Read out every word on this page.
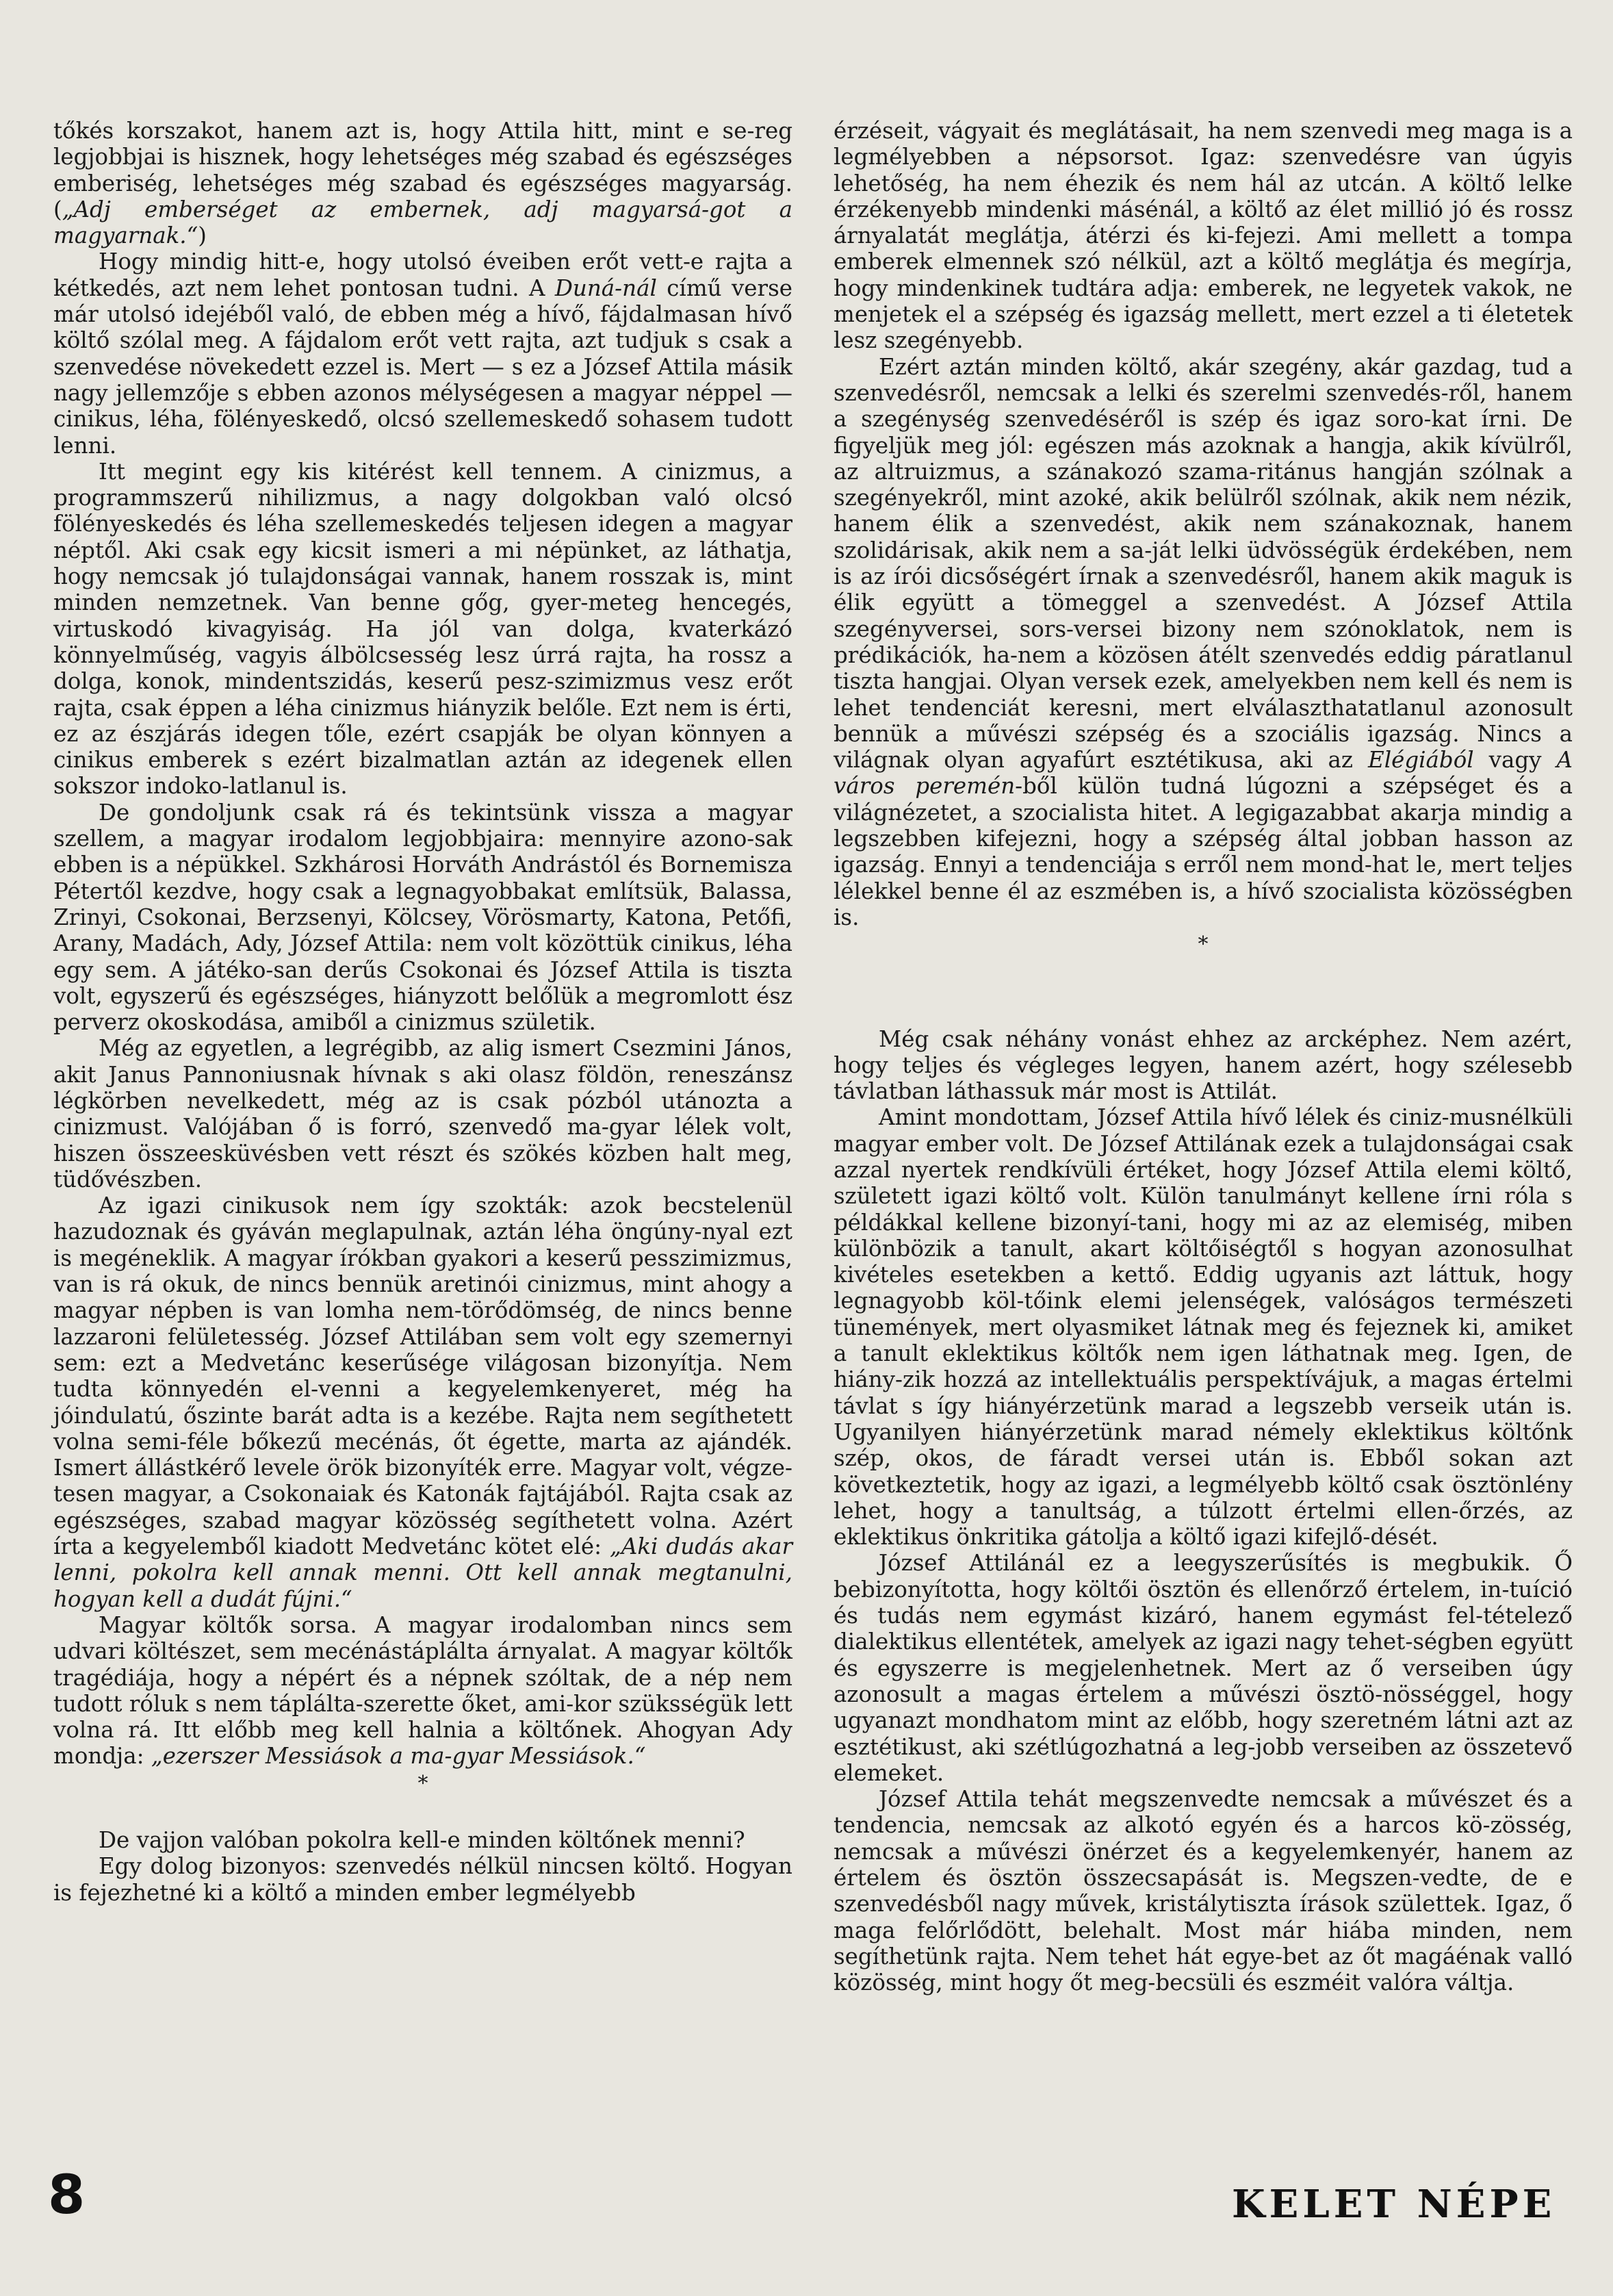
tőkés korszakot, hanem azt is, hogy Attila hitt, mint e se-reg legjobbjai is hisznek, hogy lehetséges még szabad és egészséges emberiség, lehetséges még szabad és egészséges magyarság. („Adj emberséget az embernek, adj magyarsá-got a magyarnak.“)

Hogy mindig hitt-e, hogy utolsó éveiben erőt vett-e rajta a kétkedés, azt nem lehet pontosan tudni. A Duná-nál című verse már utolsó idejéből való, de ebben még a hívő, fájdalmasan hívő költő szólal meg. A fájdalom erőt vett rajta, azt tudjuk s csak a szenvedése növekedett ezzel is. Mert — s ez a József Attila másik nagy jellemzője s ebben azonos mélységesen a magyar néppel — cinikus, léha, fölényeskedő, olcsó szellemeskedő sohasem tudott lenni.

Itt megint egy kis kitérést kell tennem. A cinizmus, a programmszerű nihilizmus, a nagy dolgokban való olcsó fölényeskedés és léha szellemeskedés teljesen idegen a magyar néptől. Aki csak egy kicsit ismeri a mi népünket, az láthatja, hogy nemcsak jó tulajdonságai vannak, hanem rosszak is, mint minden nemzetnek. Van benne gőg, gyer-meteg hencegés, virtuskodó kivagyiság. Ha jól van dolga, kvaterkázó könnyelműség, vagyis álbölcsesség lesz úrrá rajta, ha rossz a dolga, konok, mindentszidás, keserű pesz-szimizmus vesz erőt rajta, csak éppen a léha cinizmus hiányzik belőle. Ezt nem is érti, ez az észjárás idegen tőle, ezért csapják be olyan könnyen a cinikus emberek s ezért bizalmatlan aztán az idegenek ellen sokszor indoko-latlanul is.

De gondoljunk csak rá és tekintsünk vissza a magyar szellem, a magyar irodalom legjobbjaira: mennyire azono-sak ebben is a népükkel. Szkhárosi Horváth Andrástól és Bornemisza Pétertől kezdve, hogy csak a legnagyobbakat említsük, Balassa, Zrinyi, Csokonai, Berzsenyi, Kölcsey, Vörösmarty, Katona, Petőfi, Arany, Madách, Ady, József Attila: nem volt közöttük cinikus, léha egy sem. A játéko-san derűs Csokonai és József Attila is tiszta volt, egyszerű és egészséges, hiányzott belőlük a megromlott ész perverz okoskodása, amiből a cinizmus születik.

Még az egyetlen, a legrégibb, az alig ismert Csezmini János, akit Janus Pannoniusnak hívnak s aki olasz földön, reneszánsz légkörben nevelkedett, még az is csak pózból utánozta a cinizmust. Valójában ő is forró, szenvedő ma-gyar lélek volt, hiszen összeesküvésben vett részt és szökés közben halt meg, tüdővészben.

Az igazi cinikusok nem így szokták: azok becstelenül hazudoznak és gyáván meglapulnak, aztán léha öngúny-nyal ezt is megéneklik. A magyar írókban gyakori a keserű pesszimizmus, van is rá okuk, de nincs bennük aretinói cinizmus, mint ahogy a magyar népben is van lomha nem-törődömség, de nincs benne lazzaroni felületesség. József Attilában sem volt egy szemernyi sem: ezt a Medvetánc keserűsége világosan bizonyítja. Nem tudta könnyedén el-venni a kegyelemkenyeret, még ha jóindulatú, őszinte barát adta is a kezébe. Rajta nem segíthetett volna semi-féle bőkezű mecénás, őt égette, marta az ajándék. Ismert állástkérő levele örök bizonyíték erre. Magyar volt, végze-tesen magyar, a Csokonaiak és Katonák fajtájából. Rajta csak az egészséges, szabad magyar közösség segíthetett volna. Azért írta a kegyelemből kiadott Medvetánc kötet elé: „Aki dudás akar lenni, pokolra kell annak menni. Ott kell annak megtanulni, hogyan kell a dudát fújni.“

Magyar költők sorsa. A magyar irodalomban nincs sem udvari költészet, sem mecénástáplálta árnyalat. A magyar költők tragédiája, hogy a népért és a népnek szóltak, de a nép nem tudott róluk s nem táplálta-szerette őket, ami-kor szüksségük lett volna rá. Itt előbb meg kell halnia a költőnek. Ahogyan Ady mondja: „ezerszer Messiások a ma-gyar Messiások.“

*

De vajjon valóban pokolra kell-e minden költőnek menni?

Egy dolog bizonyos: szenvedés nélkül nincsen költő. Hogyan is fejezhetné ki a költő a minden ember legmélyebb

érzéseit, vágyait és meglátásait, ha nem szenvedi meg maga is a legmélyebben a népsorsot. Igaz: szenvedésre van úgyis lehetőség, ha nem éhezik és nem hál az utcán. A költő lelke érzékenyebb mindenki másénál, a költő az élet millió jó és rossz árnyalatát meglátja, átérzi és ki-fejezi. Ami mellett a tompa emberek elmennek szó nélkül, azt a költő meglátja és megírja, hogy mindenkinek tudtára adja: emberek, ne legyetek vakok, ne menjetek el a szépség és igazság mellett, mert ezzel a ti életetek lesz szegényebb.

Ezért aztán minden költő, akár szegény, akár gazdag, tud a szenvedésről, nemcsak a lelki és szerelmi szenvedés-ről, hanem a szegénység szenvedéséről is szép és igaz soro-kat írni. De figyeljük meg jól: egészen más azoknak a hangja, akik kívülről, az altruizmus, a szánakozó szama-ritánus hangján szólnak a szegényekről, mint azoké, akik belülről szólnak, akik nem nézik, hanem élik a szenvedést, akik nem szánakoznak, hanem szolidárisak, akik nem a sa-ját lelki üdvösségük érdekében, nem is az írói dicsőségért írnak a szenvedésről, hanem akik maguk is élik együtt a tömeggel a szenvedést. A József Attila szegényversei, sors-versei bizony nem szónoklatok, nem is prédikációk, ha-nem a közösen átélt szenvedés eddig páratlanul tiszta hangjai. Olyan versek ezek, amelyekben nem kell és nem is lehet tendenciát keresni, mert elválaszthatatlanul azonosult bennük a művészi szépség és a szociális igazság. Nincs a világnak olyan agyafúrt esztétikusa, aki az Elégiából vagy A város peremén-ből külön tudná lúgozni a szépséget és a világnézetet, a szocialista hitet. A legigazabbat akarja mindig a legszebben kifejezni, hogy a szépség által jobban hasson az igazság. Ennyi a tendenciája s erről nem mond-hat le, mert teljes lélekkel benne él az eszmében is, a hívő szocialista közösségben is.

*

Még csak néhány vonást ehhez az arcképhez. Nem azért, hogy teljes és végleges legyen, hanem azért, hogy szélesebb távlatban láthassuk már most is Attilát.

Amint mondottam, József Attila hívő lélek és ciniz-musnélküli magyar ember volt. De József Attilának ezek a tulajdonságai csak azzal nyertek rendkívüli értéket, hogy József Attila elemi költő, született igazi költő volt. Külön tanulmányt kellene írni róla s példákkal kellene bizonyí-tani, hogy mi az az elemiség, miben különbözik a tanult, akart költőiségtől s hogyan azonosulhat kivételes esetekben a kettő. Eddig ugyanis azt láttuk, hogy legnagyobb köl-tőink elemi jelenségek, valóságos természeti tünemények, mert olyasmiket látnak meg és fejeznek ki, amiket a tanult eklektikus költők nem igen láthatnak meg. Igen, de hiány-zik hozzá az intellektuális perspektívájuk, a magas értelmi távlat s így hiányérzetünk marad a legszebb verseik után is. Ugyanilyen hiányérzetünk marad némely eklektikus költőnk szép, okos, de fáradt versei után is. Ebből sokan azt következtetik, hogy az igazi, a legmélyebb költő csak ösztönlény lehet, hogy a tanultság, a túlzott értelmi ellen-őrzés, az eklektikus önkritika gátolja a költő igazi kifejlő-dését.

József Attilánál ez a leegyszerűsítés is megbukik. Ő bebizonyította, hogy költői ösztön és ellenőrző értelem, in-tuíció és tudás nem egymást kizáró, hanem egymást fel-tételező dialektikus ellentétek, amelyek az igazi nagy tehet-ségben együtt és egyszerre is megjelenhetnek. Mert az ő verseiben úgy azonosult a magas értelem a művészi ösztö-nösséggel, hogy ugyanazt mondhatom mint az előbb, hogy szeretném látni azt az esztétikust, aki szétlúgozhatná a leg-jobb verseiben az összetevő elemeket.

József Attila tehát megszenvedte nemcsak a művészet és a tendencia, nemcsak az alkotó egyén és a harcos kö-zösség, nemcsak a művészi önérzet és a kegyelemkenyér, hanem az értelem és ösztön összecsapását is. Megszen-vedte, de e szenvedésből nagy művek, kristálytiszta írások születtek. Igaz, ő maga felőrlődött, belehalt. Most már hiába minden, nem segíthetünk rajta. Nem tehet hát egye-bet az őt magáénak valló közösség, mint hogy őt meg-becsüli és eszméit valóra váltja.

8	KELET NÉPE
